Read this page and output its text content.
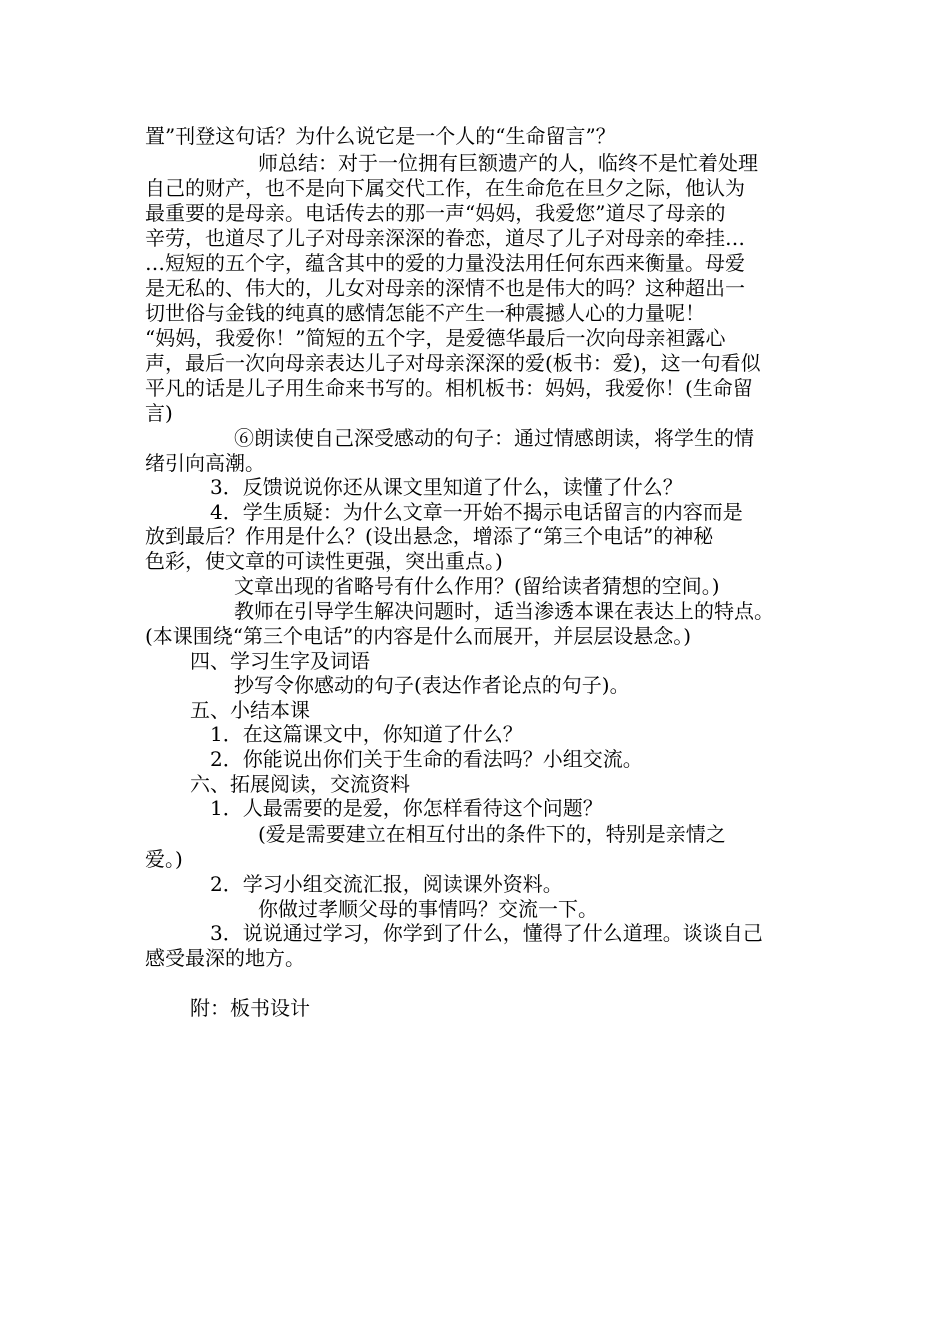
置”刊登这句话？为什么说它是一个人的“生命留言”？

师总结：对于一位拥有巨额遗产的人，临终不是忙着处理

自己的财产，也不是向下属交代工作，在生命危在旦夕之际，他认为

最重要的是母亲。电话传去的那一声“妈妈，我爱您”道尽了母亲的

辛劳，也道尽了儿子对母亲深深的眷恋，道尽了儿子对母亲的牵挂…

…短短的五个字，蕴含其中的爱的力量没法用任何东西来衡量。母爱

是无私的、伟大的，儿女对母亲的深情不也是伟大的吗？这种超出一

切世俗与金钱的纯真的感情怎能不产生一种震撼人心的力量呢！

“妈妈，我爱你！”简短的五个字，是爱德华最后一次向母亲袒露心

声，最后一次向母亲表达儿子对母亲深深的爱(板书：爱)，这一句看似

平凡的话是儿子用生命来书写的。相机板书：妈妈，我爱你！(生命留

言)

⑥朗读使自己深受感动的句子：通过情感朗读，将学生的情

绪引向高潮。

3．反馈说说你还从课文里知道了什么，读懂了什么？

4．学生质疑：为什么文章一开始不揭示电话留言的内容而是

放到最后？作用是什么？(设出悬念，增添了“第三个电话”的神秘

色彩，使文章的可读性更强，突出重点。)

文章出现的省略号有什么作用？(留给读者猜想的空间。)

教师在引导学生解决问题时，适当渗透本课在表达上的特点。

(本课围绕“第三个电话”的内容是什么而展开，并层层设悬念。)

四、学习生字及词语

抄写令你感动的句子(表达作者论点的句子)。

五、小结本课

1．在这篇课文中，你知道了什么？

2．你能说出你们关于生命的看法吗？小组交流。

六、拓展阅读，交流资料

1．人最需要的是爱，你怎样看待这个问题？

(爱是需要建立在相互付出的条件下的，特别是亲情之

爱。)

2．学习小组交流汇报，阅读课外资料。

你做过孝顺父母的事情吗？交流一下。

3．说说通过学习，你学到了什么，懂得了什么道理。谈谈自己

感受最深的地方。

附：板书设计
